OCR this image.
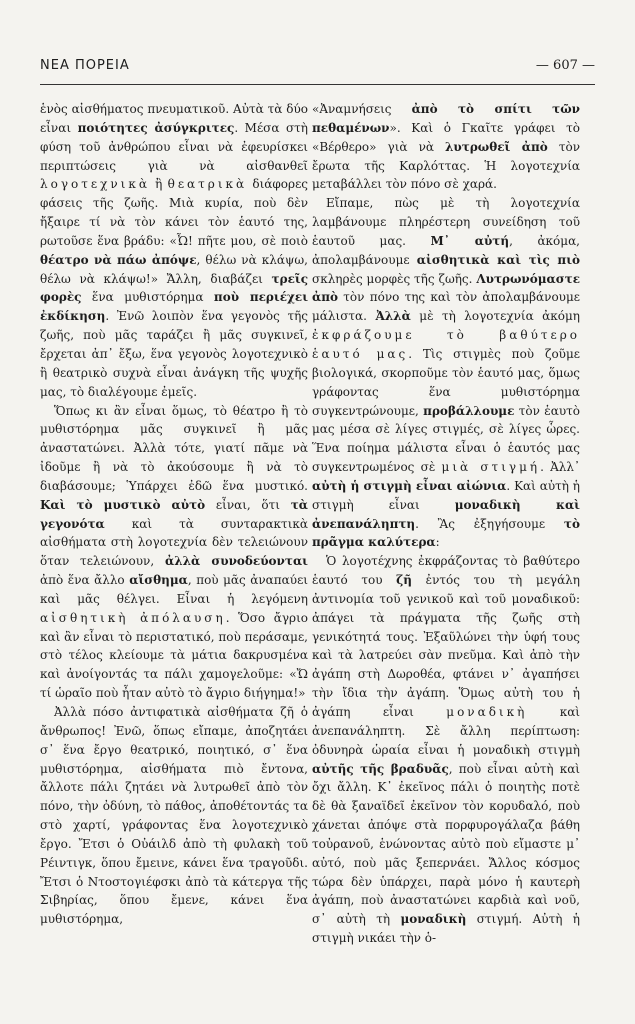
ΝΕΑ ΠΟΡΕΙΑ	— 607 —

ἑνὸς αἰσθήματος πνευματικοῦ. Αὐτὰ τὰ δύο εἶναι ποιότητες ἀσύγκριτες. Μέσα στὴ φύση τοῦ ἀνθρώπου εἶναι νὰ ἐφευρίσκει περιπτώσεις γιὰ νὰ αἰσθανθεῖ λογοτεχνικὰ ἢ θεατρικὰ διάφορες φάσεις τῆς ζωῆς. Μιὰ κυρία, ποὺ δὲν ἤξαιρε τί νὰ τὸν κάνει τὸν ἑαυτό της, ρωτοῦσε ἕνα βράδυ: «Ὦ! πῆτε μου, σὲ ποιὸ θέατρο νὰ πάω ἀπόψε, θέλω νὰ κλάψω, θέλω νὰ κλάψω!» Ἄλλη, διαβάζει τρεῖς φορὲς ἕνα μυθιστόρημα ποὺ περιέχει ἐκδίκηση. Ἐνῶ λοιπὸν ἕνα γεγονὸς τῆς ζωῆς, ποὺ μᾶς ταράζει ἢ μᾶς συγκινεῖ, ἔρχεται ἀπ᾿ ἔξω, ἕνα γεγονὸς λογοτεχνικὸ ἢ θεατρικὸ συχνὰ εἶναι ἀνάγκη τῆς ψυχῆς μας, τὸ διαλέγουμε ἐμεῖς.

Ὅπως κι ἂν εἶναι ὅμως, τὸ θέατρο ἢ τὸ μυθιστόρημα μᾶς συγκινεῖ ἢ μᾶς ἀναστατώνει. Ἀλλὰ τότε, γιατί πᾶμε νὰ ἰδοῦμε ἢ νὰ τὸ ἀκούσουμε ἢ νὰ τὸ διαβάσουμε; Ὑπάρχει ἐδῶ ἕνα μυστικό. Καὶ τὸ μυστικὸ αὐτὸ εἶναι, ὅτι τὰ γεγονότα καὶ τὰ συνταρακτικὰ αἰσθήματα στὴ λογοτεχνία δὲν τελειώνουν ὅταν τελειώνουν, ἀλλὰ συνοδεύονται ἀπὸ ἕνα ἄλλο αἴσθημα, ποὺ μᾶς ἀναπαύει καὶ μᾶς θέλγει. Εἶναι ἡ λεγόμενη αἰσθητικὴ ἀπόλαυση. Ὅσο ἄγριο καὶ ἂν εἶναι τὸ περιστατικό, ποὺ περάσαμε, στὸ τέλος κλείουμε τὰ μάτια δακρυσμένα καὶ ἀνοίγοντάς τα πάλι χαμογελοῦμε: «Ὤ τί ὡραῖο ποὺ ἦταν αὐτὸ τὸ ἄγριο διήγημα!»

Ἀλλὰ πόσο ἀντιφατικὰ αἰσθήματα ζῆ ὁ ἄνθρωπος! Ἐνῶ, ὅπως εἴπαμε, ἀποζητάει σ᾿ ἕνα ἔργο θεατρικό, ποιητικό, σ᾿ ἕνα μυθιστόρημα, αἰσθήματα πιὸ ἔντονα, ἄλλοτε πάλι ζητάει νὰ λυτρωθεῖ ἀπὸ τὸν πόνο, τὴν ὀδύνη, τὸ πάθος, ἀποθέτοντάς τα στὸ χαρτί, γράφοντας ἕνα λογοτεχνικὸ ἔργο. Ἔτσι ὁ Οὐάιλδ ἀπὸ τὴ φυλακὴ τοῦ Ρέιντιγκ, ὅπου ἔμεινε, κάνει ἕνα τραγοῦδι. Ἔτσι ὁ Ντοστογιέφσκι ἀπὸ τὰ κάτεργα τῆς Σιβηρίας, ὅπου ἔμενε, κάνει ἕνα μυθιστόρημα,

«Ἀναμνήσεις ἀπὸ τὸ σπίτι τῶν πεθαμένων». Καὶ ὁ Γκαῖτε γράφει τὸ «Βέρθερο» γιὰ νὰ λυτρωθεῖ ἀπὸ τὸν ἔρωτα τῆς Καρλόττας. Ἡ λογοτεχνία μεταβάλλει τὸν πόνο σὲ χαρά.

Εἴπαμε, πὼς μὲ τὴ λογοτεχνία λαμβάνουμε πληρέστερη συνείδηση τοῦ ἑαυτοῦ μας. Μ᾿ αὐτή, ἀκόμα, ἀπολαμβάνουμε αἰσθητικὰ καὶ τὶς πιὸ σκληρὲς μορφὲς τῆς ζωῆς. Λυτρωνόμαστε ἀπὸ τὸν πόνο της καὶ τὸν ἀπολαμβάνουμε μάλιστα. Ἀλλὰ μὲ τὴ λογοτεχνία ἀκόμη ἐκφράζουμε τὸ βαθύτερο ἑαυτό μας. Τὶς στιγμὲς ποὺ ζοῦμε βιολογικά, σκορποῦμε τὸν ἑαυτό μας, ὅμως γράφοντας ἕνα μυθιστόρημα συγκεντρώνουμε, προβάλλουμε τὸν ἑαυτὸ μας μέσα σὲ λίγες στιγμές, σὲ λίγες ὧρες. Ἕνα ποίημα μάλιστα εἶναι ὁ ἑαυτός μας συγκεντρωμένος σὲ μιὰ στιγμή. Ἀλλ᾿ αὐτὴ ἡ στιγμὴ εἶναι αἰώνια. Καὶ αὐτὴ ἡ στιγμὴ εἶναι μοναδικὴ καὶ ἀνεπανάληπτη. Ἂς ἐξηγήσουμε τὸ πρᾶγμα καλύτερα:

Ὁ λογοτέχνης ἐκφράζοντας τὸ βαθύτερο ἑαυτό του ζῆ ἐντός του τὴ μεγάλη ἀντινομία τοῦ γενικοῦ καὶ τοῦ μοναδικοῦ: ἀπάγει τὰ πράγματα τῆς ζωῆς στὴ γενικότητά τους. Ἐξαῦλώνει τὴν ὑφή τους καὶ τὰ λατρεύει σὰν πνεῦμα. Καὶ ἀπὸ τὴν ἀγάπη στὴ Δωροθέα, φτάνει ν᾿ ἀγαπήσει τὴν ἴδια τὴν ἀγάπη. Ὅμως αὐτὴ του ἡ ἀγάπη εἶναι μοναδικὴ καὶ ἀνεπανάληπτη. Σὲ ἄλλη περίπτωση: ὀδυνηρὰ ὡραία εἶναι ἡ μοναδικὴ στιγμὴ αὐτῆς τῆς βραδυᾶς, ποὺ εἶναι αὐτὴ καὶ ὄχι ἄλλη. Κ᾿ ἐκεῖνος πάλι ὁ ποιητὴς ποτὲ δὲ θὰ ξαναϊδεῖ ἐκεῖνον τὸν κορυδαλό, ποὺ χάνεται ἀπόψε στὰ πορφυρογάλαζα βάθη τοὐρανοῦ, ἑνώνοντας αὐτὸ ποὺ εἴμαστε μ᾿ αὐτό, ποὺ μᾶς ξεπερνάει. Ἄλλος κόσμος τώρα δὲν ὑπάρχει, παρὰ μόνο ἡ καυτερὴ ἀγάπη, ποὺ ἀναστατώνει καρδιὰ καὶ νοῦ, σ᾿ αὐτὴ τὴ μοναδικὴ στιγμή. Αὐτὴ ἡ στιγμὴ νικάει τὴν ὁ-
